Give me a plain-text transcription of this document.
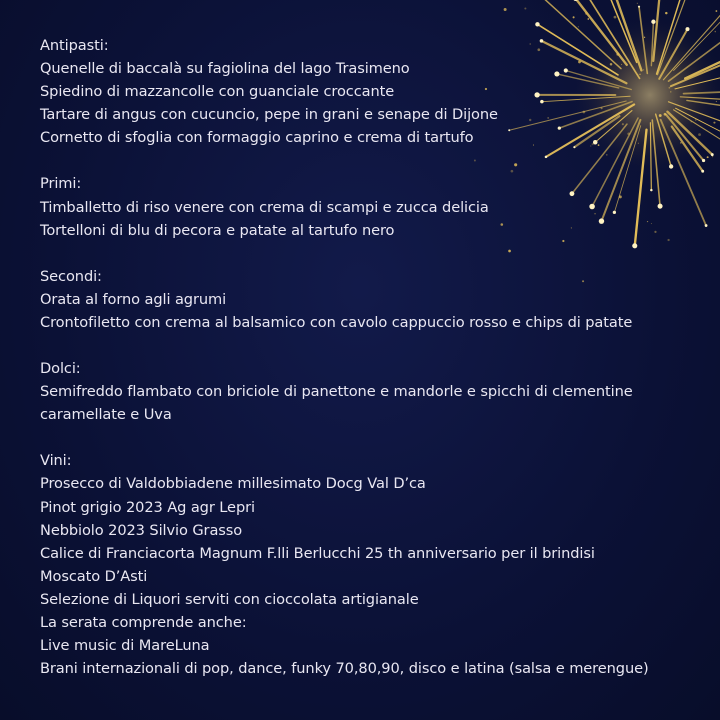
Antipasti:
Quenelle di baccalà su fagiolina del lago Trasimeno
Spiedino di mazzancolle con guanciale croccante
Tartare di angus con cucuncio, pepe in grani e senape di Dijone
Cornetto di sfoglia con formaggio caprino e crema di tartufo
Primi:
Timballetto di riso venere con crema di scampi e zucca delicia
Tortelloni di blu di pecora e patate al tartufo nero
Secondi:
Orata al forno agli agrumi
Crontofiletto con crema al balsamico con cavolo cappuccio rosso e chips di patate
Dolci:
Semifreddo flambato con briciole di panettone e mandorle e spicchi di clementine
caramellate e Uva
Vini:
Prosecco di Valdobbiadene millesimato Docg Val D’ca
Pinot grigio 2023 Ag agr Lepri
Nebbiolo 2023 Silvio Grasso
Calice di Franciacorta Magnum F.lli Berlucchi 25 th anniversario per il brindisi
Moscato D’Asti
Selezione di Liquori serviti con cioccolata artigianale
La serata comprende anche:
Live music di MareLuna
Brani internazionali di pop, dance, funky 70,80,90, disco e latina (salsa e merengue)
